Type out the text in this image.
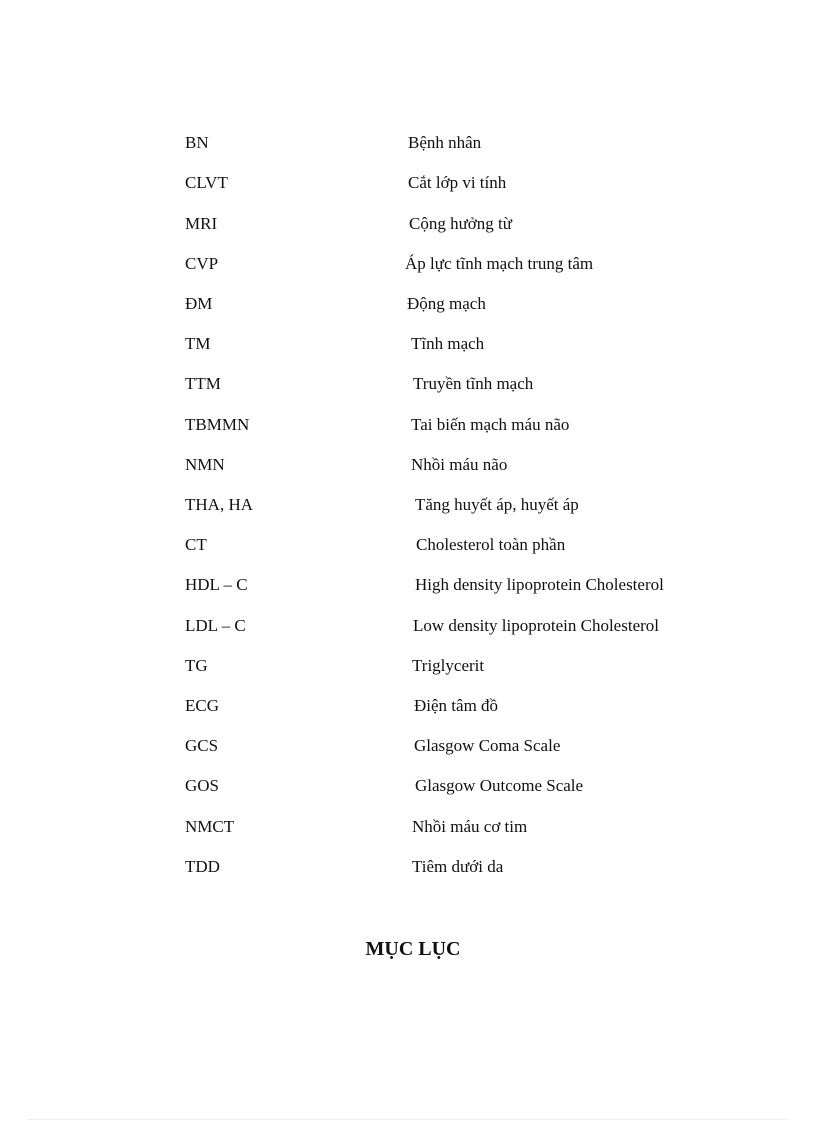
BN	Bệnh nhân
CLVT	Cắt lớp vi tính
MRI	Cộng hưởng từ
CVP	Áp lực tĩnh mạch trung tâm
ĐM	Động mạch
TM	Tĩnh mạch
TTM	Truyền tĩnh mạch
TBMMN	Tai biến mạch máu não
NMN	Nhồi máu não
THA, HA	Tăng huyết áp, huyết áp
CT	Cholesterol toàn phần
HDL – C	High density lipoprotein Cholesterol
LDL – C	Low density lipoprotein Cholesterol
TG	Triglycerit
ECG	Điện tâm đồ
GCS	Glasgow Coma Scale
GOS	Glasgow Outcome Scale
NMCT	Nhồi máu cơ tim
TDD	Tiêm dưới da
MỤC LỤC
